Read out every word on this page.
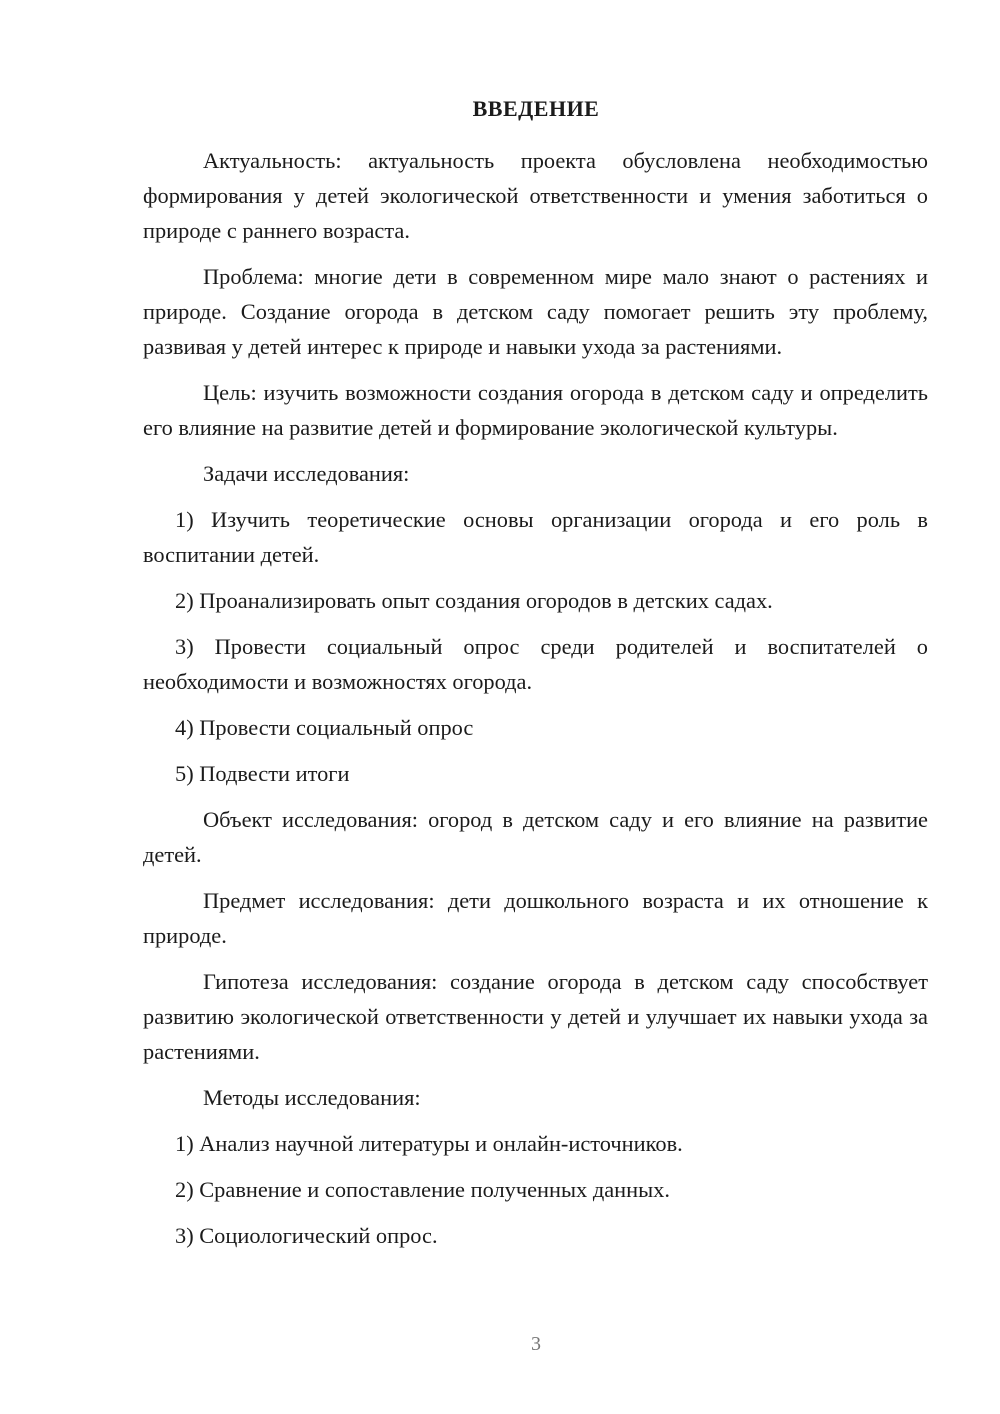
ВВЕДЕНИЕ

Актуальность: актуальность проекта обусловлена необходимостью формирования у детей экологической ответственности и умения заботиться о природе с раннего возраста.

Проблема: многие дети в современном мире мало знают о растениях и природе. Создание огорода в детском саду помогает решить эту проблему, развивая у детей интерес к природе и навыки ухода за растениями.

Цель: изучить возможности создания огорода в детском саду и определить его влияние на развитие детей и формирование экологической культуры.

Задачи исследования:

1) Изучить теоретические основы организации огорода и его роль в воспитании детей.

2) Проанализировать опыт создания огородов в детских садах.

3) Провести социальный опрос среди родителей и воспитателей о необходимости и возможностях огорода.

4) Провести социальный опрос

5) Подвести итоги

Объект исследования: огород в детском саду и его влияние на развитие детей.

Предмет исследования: дети дошкольного возраста и их отношение к природе.

Гипотеза исследования: создание огорода в детском саду способствует развитию экологической ответственности у детей и улучшает их навыки ухода за растениями.

Методы исследования:

1) Анализ научной литературы и онлайн-источников.

2) Сравнение и сопоставление полученных данных.

3) Социологический опрос.

3
